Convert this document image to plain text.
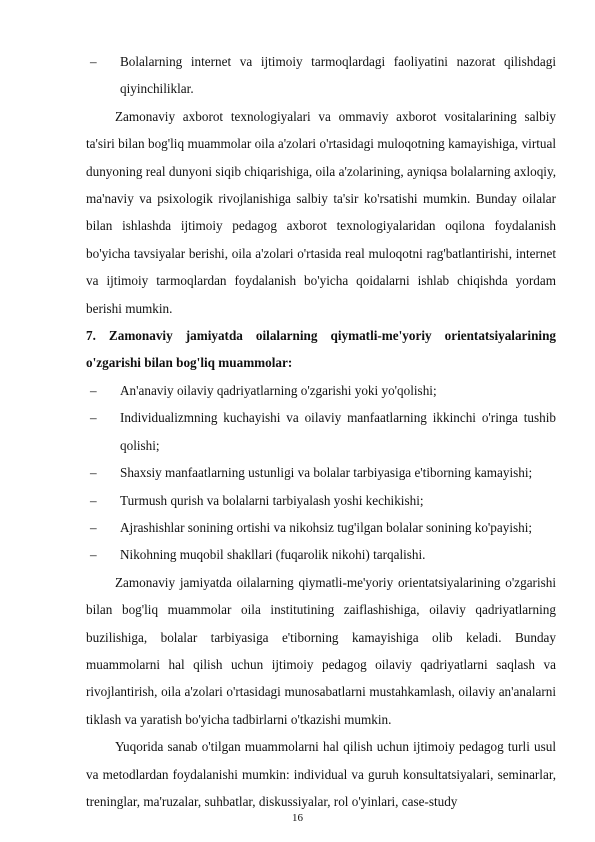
– Bolalarning internet va ijtimoiy tarmoqlardagi faoliyatini nazorat qilishdagi qiyinchiliklar.
Zamonaviy axborot texnologiyalari va ommaviy axborot vositalarining salbiy ta'siri bilan bog'liq muammolar oila a'zolari o'rtasidagi muloqotning kamayishiga, virtual dunyoning real dunyoni siqib chiqarishiga, oila a'zolarining, ayniqsa bolalarning axloqiy, ma'naviy va psixologik rivojlanishiga salbiy ta'sir ko'rsatishi mumkin. Bunday oilalar bilan ishlashda ijtimoiy pedagog axborot texnologiyalaridan oqilona foydalanish bo'yicha tavsiyalar berishi, oila a'zolari o'rtasida real muloqotni rag'batlantirishi, internet va ijtimoiy tarmoqlardan foydalanish bo'yicha qoidalarni ishlab chiqishda yordam berishi mumkin.
7. Zamonaviy jamiyatda oilalarning qiymatli-me'yoriy orientatsiyalarining o'zgarishi bilan bog'liq muammolar:
– An'anaviy oilaviy qadriyatlarning o'zgarishi yoki yo'qolishi;
– Individualizmning kuchayishi va oilaviy manfaatlarning ikkinchi o'ringa tushib qolishi;
– Shaxsiy manfaatlarning ustunligi va bolalar tarbiyasiga e'tiborning kamayishi;
– Turmush qurish va bolalarni tarbiyalash yoshi kechikishi;
– Ajrashishlar sonining ortishi va nikohsiz tug'ilgan bolalar sonining ko'payishi;
– Nikohning muqobil shakllari (fuqarolik nikohi) tarqalishi.
Zamonaviy jamiyatda oilalarning qiymatli-me'yoriy orientatsiyalarining o'zgarishi bilan bog'liq muammolar oila institutining zaiflashishiga, oilaviy qadriyatlarning buzilishiga, bolalar tarbiyasiga e'tiborning kamayishiga olib keladi. Bunday muammolarni hal qilish uchun ijtimoiy pedagog oilaviy qadriyatlarni saqlash va rivojlantirish, oila a'zolari o'rtasidagi munosabatlarni mustahkamlash, oilaviy an'analarni tiklash va yaratish bo'yicha tadbirlarni o'tkazishi mumkin.
Yuqorida sanab o'tilgan muammolarni hal qilish uchun ijtimoiy pedagog turli usul va metodlardan foydalanishi mumkin: individual va guruh konsultatsiyalari, seminarlar, treninglar, ma'ruzalar, suhbatlar, diskussiyalar, rol o'yinlari, case-study
16
